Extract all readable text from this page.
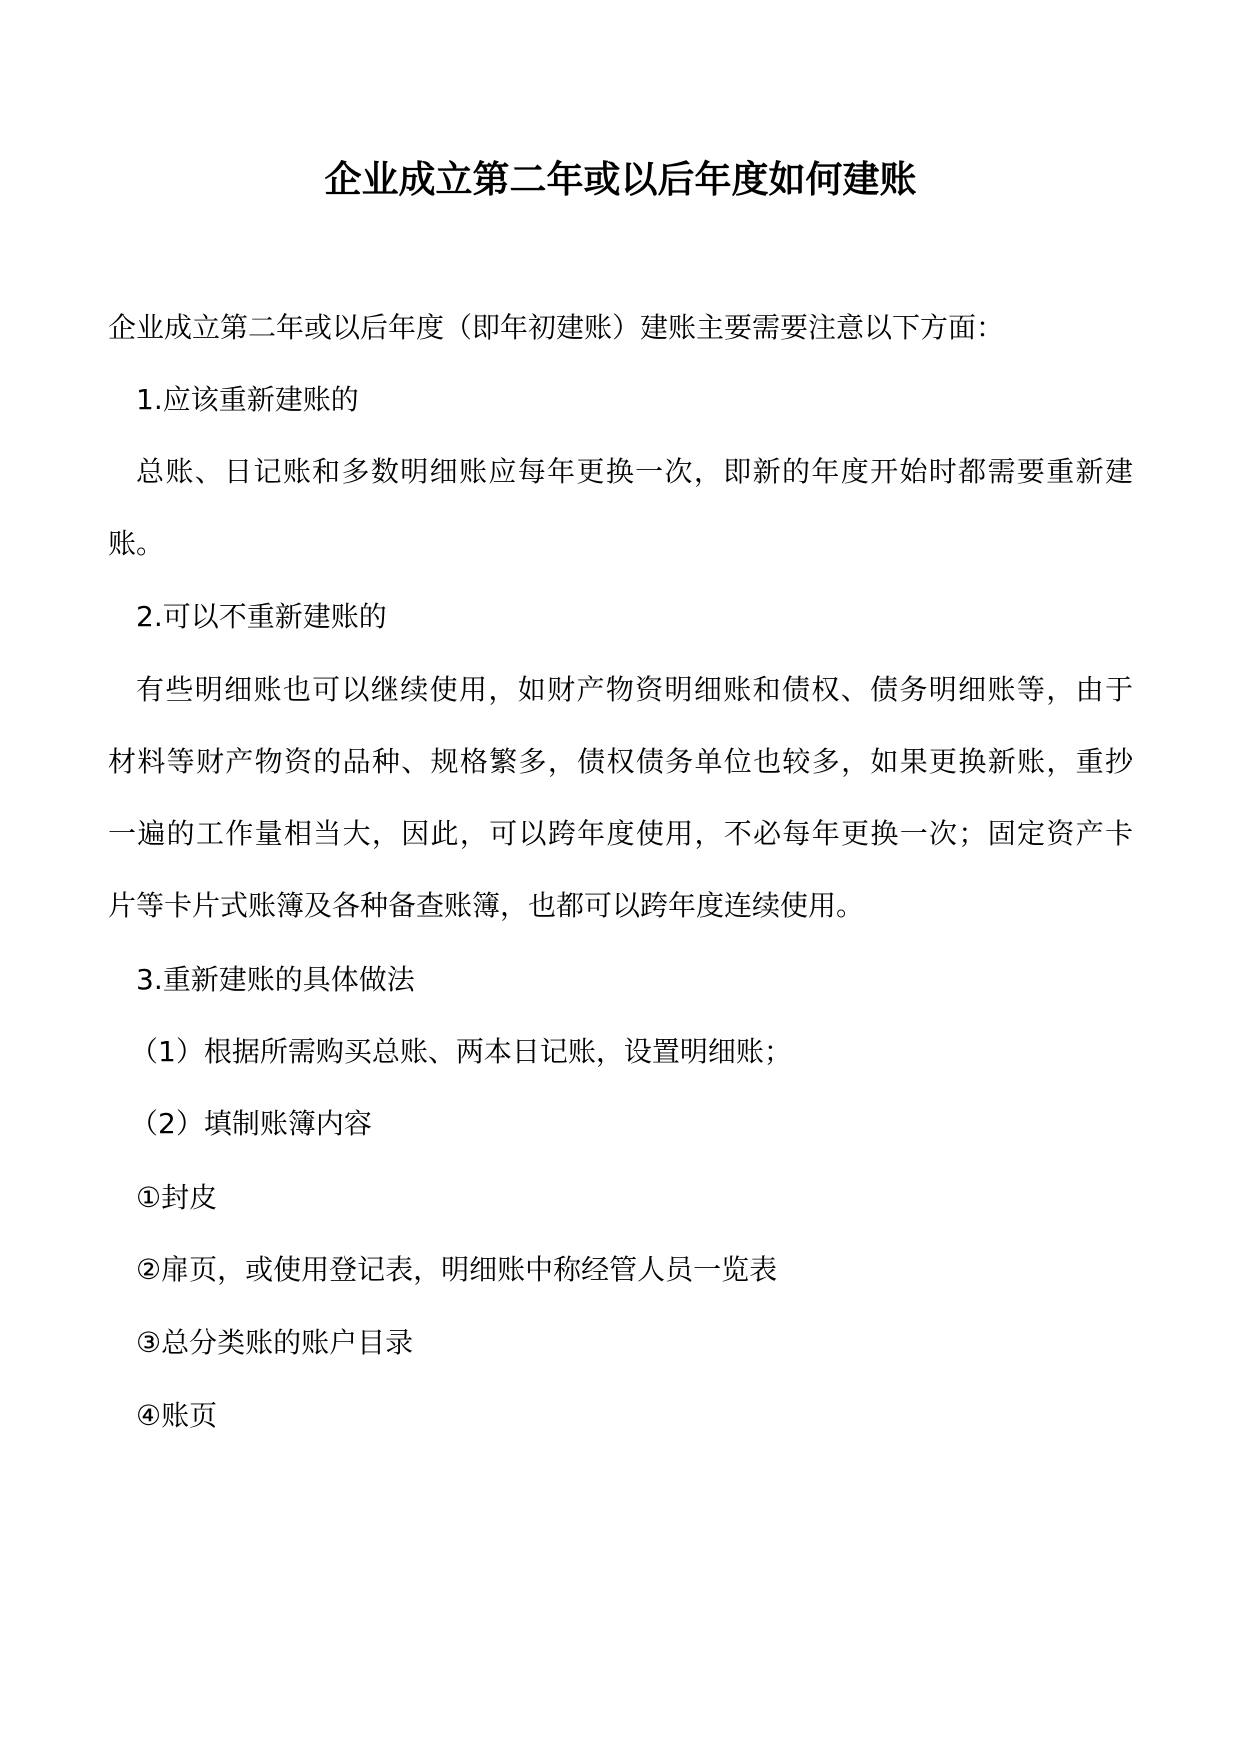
企业成立第二年或以后年度如何建账

企业成立第二年或以后年度（即年初建账）建账主要需要注意以下方面：

1.应该重新建账的

总账、日记账和多数明细账应每年更换一次，即新的年度开始时都需要重新建

账。

2.可以不重新建账的

有些明细账也可以继续使用，如财产物资明细账和债权、债务明细账等，由于

材料等财产物资的品种、规格繁多，债权债务单位也较多，如果更换新账，重抄

一遍的工作量相当大，因此，可以跨年度使用，不必每年更换一次；固定资产卡

片等卡片式账簿及各种备查账簿，也都可以跨年度连续使用。

3.重新建账的具体做法

（1）根据所需购买总账、两本日记账，设置明细账；

（2）填制账簿内容

①封皮

②扉页，或使用登记表，明细账中称经管人员一览表

③总分类账的账户目录

④账页
